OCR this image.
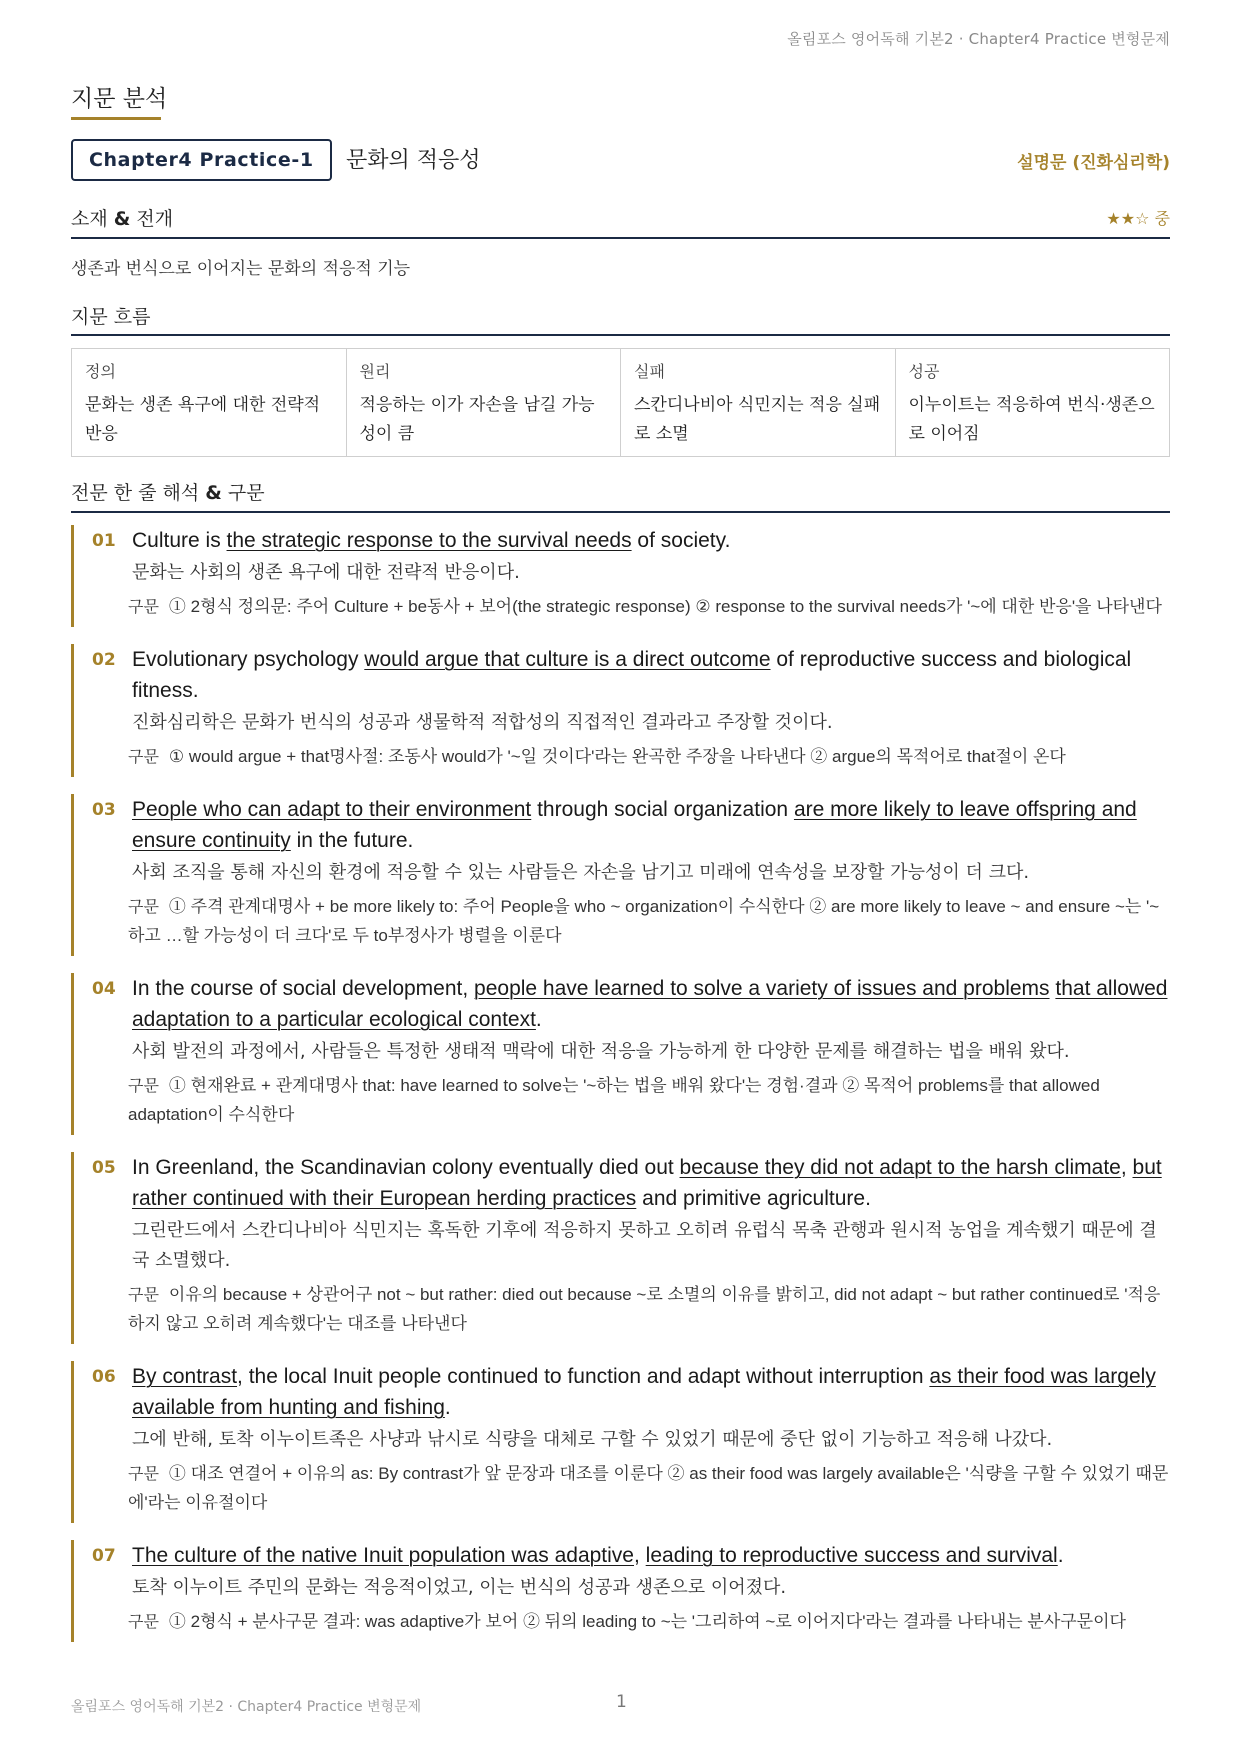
올림포스 영어독해 기본2 · Chapter4 Practice 변형문제
지문 분석
Chapter4 Practice-1	문화의 적응성	설명문 (진화심리학)
소재 & 전개	★★☆ 중
생존과 번식으로 이어지는 문화의 적응적 기능
지문 흐름
정의
문화는 생존 욕구에 대한 전략적 반응
원리
적응하는 이가 자손을 남길 가능성이 큼
실패
스칸디나비아 식민지는 적응 실패로 소멸
성공
이누이트는 적응하여 번식·생존으로 이어짐
전문 한 줄 해석 & 구문
01 Culture is the strategic response to the survival needs of society.
문화는 사회의 생존 욕구에 대한 전략적 반응이다.
구문 ① 2형식 정의문: 주어 Culture + be동사 + 보어(the strategic response) ② response to the survival needs가 '~에 대한 반응'을 나타낸다
02 Evolutionary psychology would argue that culture is a direct outcome of reproductive success and biological fitness.
진화심리학은 문화가 번식의 성공과 생물학적 적합성의 직접적인 결과라고 주장할 것이다.
구문 ① would argue + that명사절: 조동사 would가 '~일 것이다'라는 완곡한 주장을 나타낸다 ② argue의 목적어로 that절이 온다
03 People who can adapt to their environment through social organization are more likely to leave offspring and ensure continuity in the future.
사회 조직을 통해 자신의 환경에 적응할 수 있는 사람들은 자손을 남기고 미래에 연속성을 보장할 가능성이 더 크다.
구문 ① 주격 관계대명사 + be more likely to: 주어 People을 who ~ organization이 수식한다 ② are more likely to leave ~ and ensure ~는 '~하고 …할 가능성이 더 크다'로 두 to부정사가 병렬을 이룬다
04 In the course of social development, people have learned to solve a variety of issues and problems that allowed adaptation to a particular ecological context.
사회 발전의 과정에서, 사람들은 특정한 생태적 맥락에 대한 적응을 가능하게 한 다양한 문제를 해결하는 법을 배워 왔다.
구문 ① 현재완료 + 관계대명사 that: have learned to solve는 '~하는 법을 배워 왔다'는 경험·결과 ② 목적어 problems를 that allowed adaptation이 수식한다
05 In Greenland, the Scandinavian colony eventually died out because they did not adapt to the harsh climate, but rather continued with their European herding practices and primitive agriculture.
그린란드에서 스칸디나비아 식민지는 혹독한 기후에 적응하지 못하고 오히려 유럽식 목축 관행과 원시적 농업을 계속했기 때문에 결국 소멸했다.
구문 이유의 because + 상관어구 not ~ but rather: died out because ~로 소멸의 이유를 밝히고, did not adapt ~ but rather continued로 '적응하지 않고 오히려 계속했다'는 대조를 나타낸다
06 By contrast, the local Inuit people continued to function and adapt without interruption as their food was largely available from hunting and fishing.
그에 반해, 토착 이누이트족은 사냥과 낚시로 식량을 대체로 구할 수 있었기 때문에 중단 없이 기능하고 적응해 나갔다.
구문 ① 대조 연결어 + 이유의 as: By contrast가 앞 문장과 대조를 이룬다 ② as their food was largely available은 '식량을 구할 수 있었기 때문에'라는 이유절이다
07 The culture of the native Inuit population was adaptive, leading to reproductive success and survival.
토착 이누이트 주민의 문화는 적응적이었고, 이는 번식의 성공과 생존으로 이어졌다.
구문 ① 2형식 + 분사구문 결과: was adaptive가 보어 ② 뒤의 leading to ~는 '그리하여 ~로 이어지다'라는 결과를 나타내는 분사구문이다
올림포스 영어독해 기본2 · Chapter4 Practice 변형문제	1
